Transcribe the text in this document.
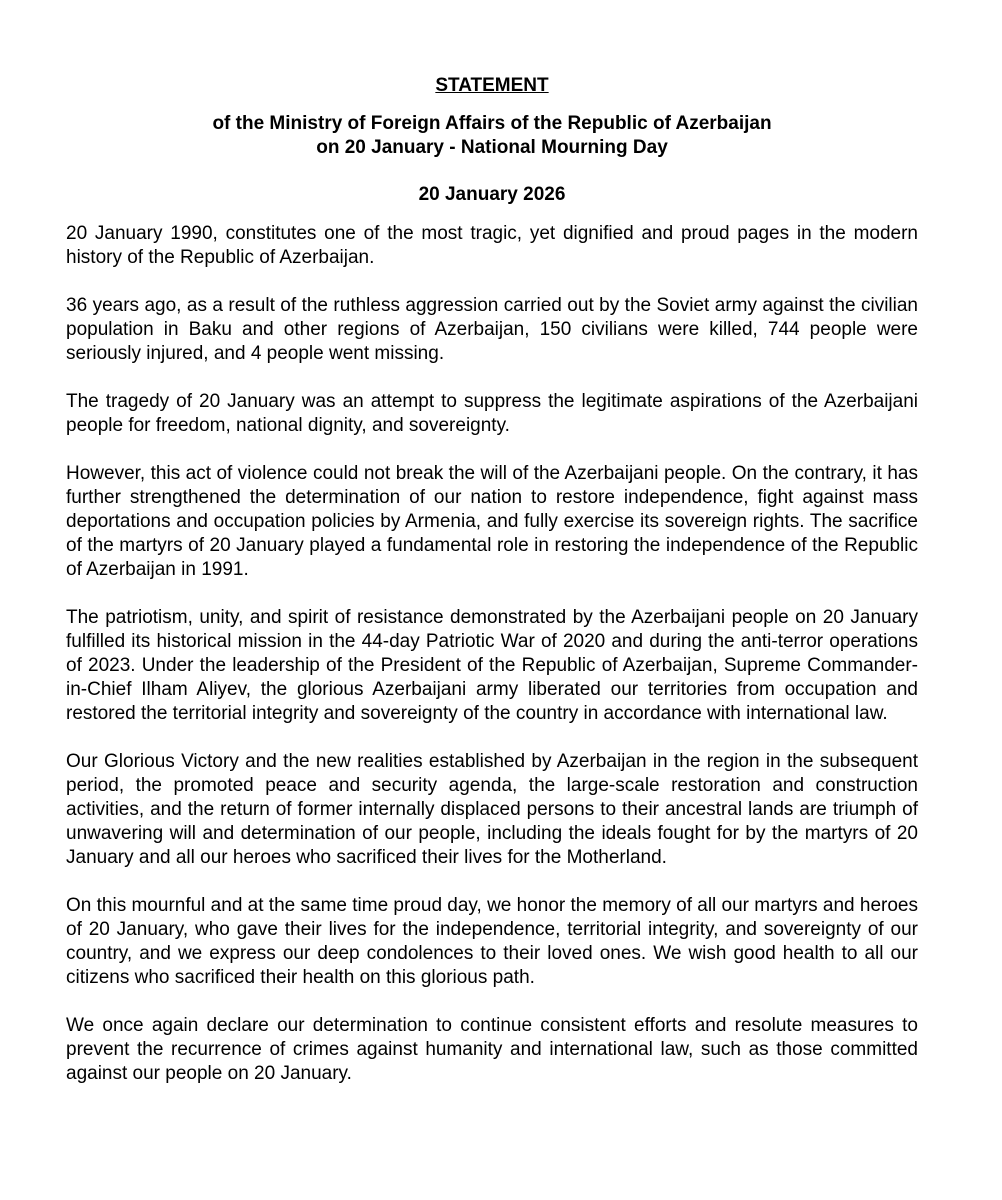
STATEMENT

of the Ministry of Foreign Affairs of the Republic of Azerbaijan

on 20 January - National Mourning Day

20 January 2026

20 January 1990, constitutes one of the most tragic, yet dignified and proud pages in the modern history of the Republic of Azerbaijan.

36 years ago, as a result of the ruthless aggression carried out by the Soviet army against the civilian population in Baku and other regions of Azerbaijan, 150 civilians were killed, 744 people were seriously injured, and 4 people went missing.

The tragedy of 20 January was an attempt to suppress the legitimate aspirations of the Azerbaijani people for freedom, national dignity, and sovereignty.

However, this act of violence could not break the will of the Azerbaijani people. On the contrary, it has further strengthened the determination of our nation to restore independence, fight against mass deportations and occupation policies by Armenia, and fully exercise its sovereign rights. The sacrifice of the martyrs of 20 January played a fundamental role in restoring the independence of the Republic of Azerbaijan in 1991.

The patriotism, unity, and spirit of resistance demonstrated by the Azerbaijani people on 20 January fulfilled its historical mission in the 44-day Patriotic War of 2020 and during the anti-terror operations of 2023. Under the leadership of the President of the Republic of Azerbaijan, Supreme Commander-in-Chief Ilham Aliyev, the glorious Azerbaijani army liberated our territories from occupation and restored the territorial integrity and sovereignty of the country in accordance with international law.

Our Glorious Victory and the new realities established by Azerbaijan in the region in the subsequent period, the promoted peace and security agenda, the large-scale restoration and construction activities, and the return of former internally displaced persons to their ancestral lands are triumph of unwavering will and determination of our people, including the ideals fought for by the martyrs of 20 January and all our heroes who sacrificed their lives for the Motherland.

On this mournful and at the same time proud day, we honor the memory of all our martyrs and heroes of 20 January, who gave their lives for the independence, territorial integrity, and sovereignty of our country, and we express our deep condolences to their loved ones. We wish good health to all our citizens who sacrificed their health on this glorious path.

We once again declare our determination to continue consistent efforts and resolute measures to prevent the recurrence of crimes against humanity and international law, such as those committed against our people on 20 January.
